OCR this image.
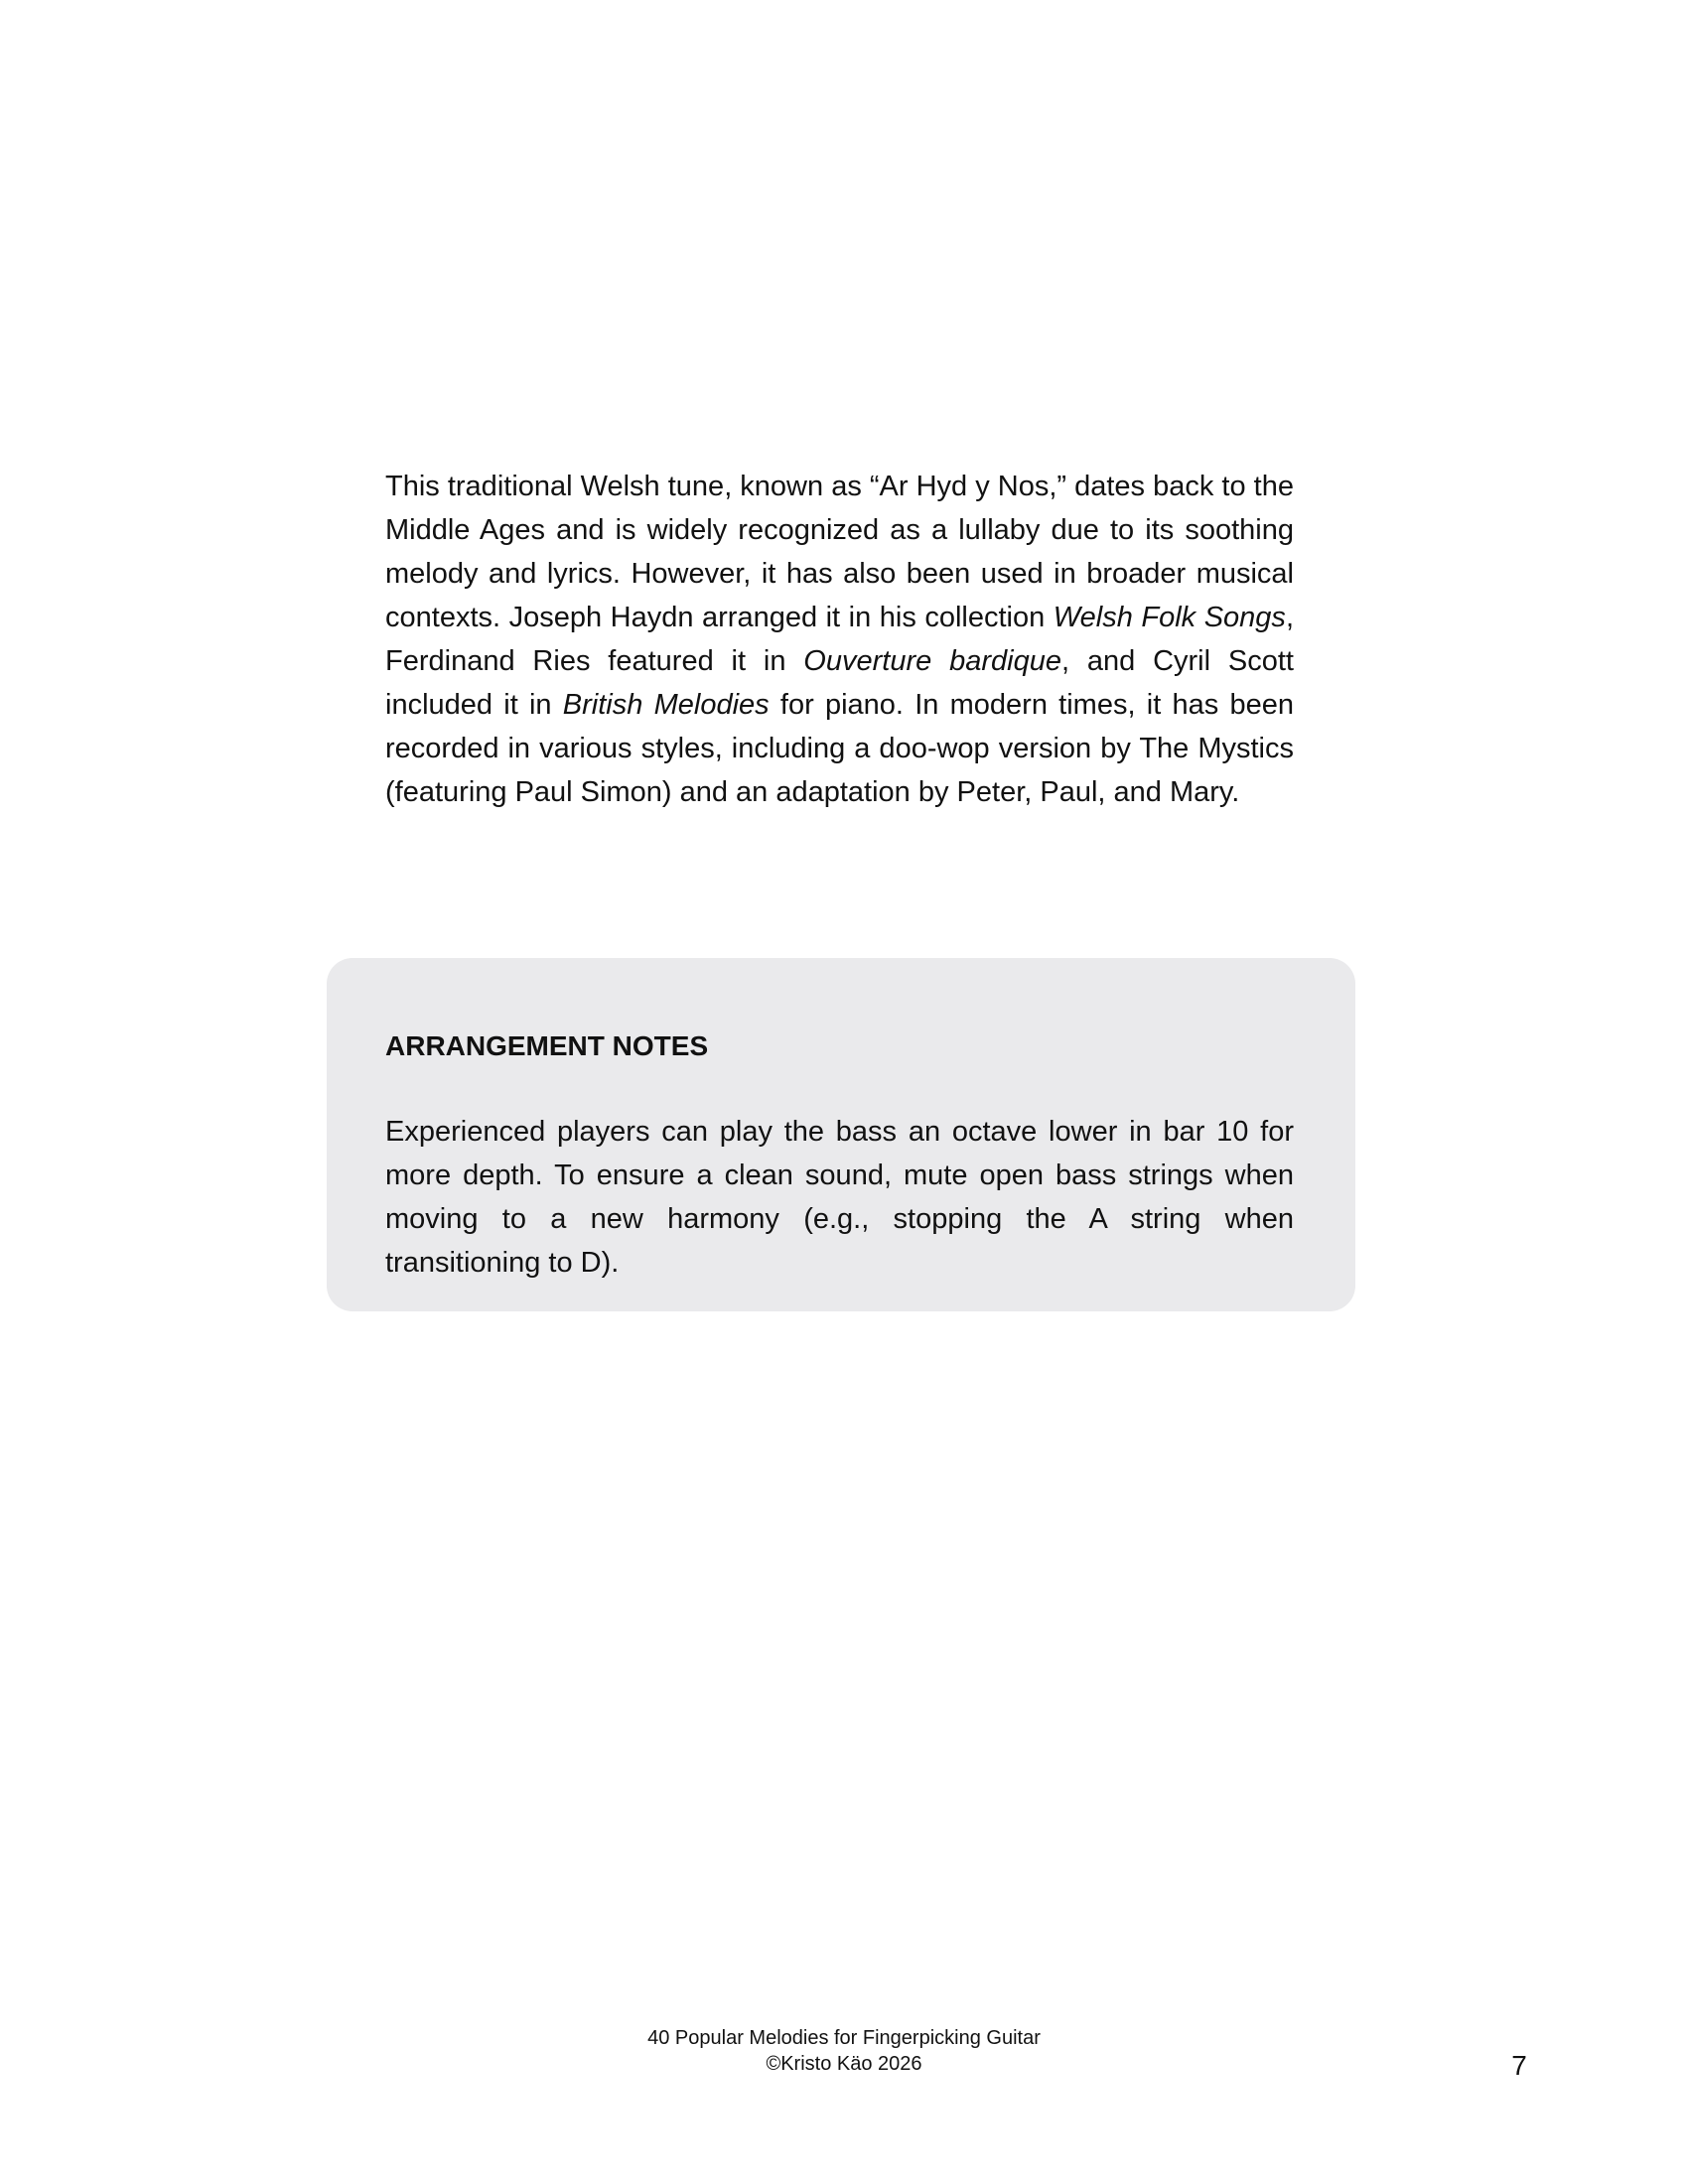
This traditional Welsh tune, known as “Ar Hyd y Nos,” dates back to the Middle Ages and is widely recognized as a lullaby due to its soothing melody and lyrics. However, it has also been used in broader musical contexts. Joseph Haydn arranged it in his collection Welsh Folk Songs, Ferdinand Ries featured it in Ouverture bardique, and Cyril Scott included it in British Melodies for piano. In modern times, it has been recorded in various styles, including a doo-wop version by The Mystics (featuring Paul Simon) and an adaptation by Peter, Paul, and Mary.

ARRANGEMENT NOTES

Experienced players can play the bass an octave lower in bar 10 for more depth. To ensure a clean sound, mute open bass strings when moving to a new harmony (e.g., stopping the A string when transitioning to D).

40 Popular Melodies for Fingerpicking Guitar
©Kristo Käo 2026	7
